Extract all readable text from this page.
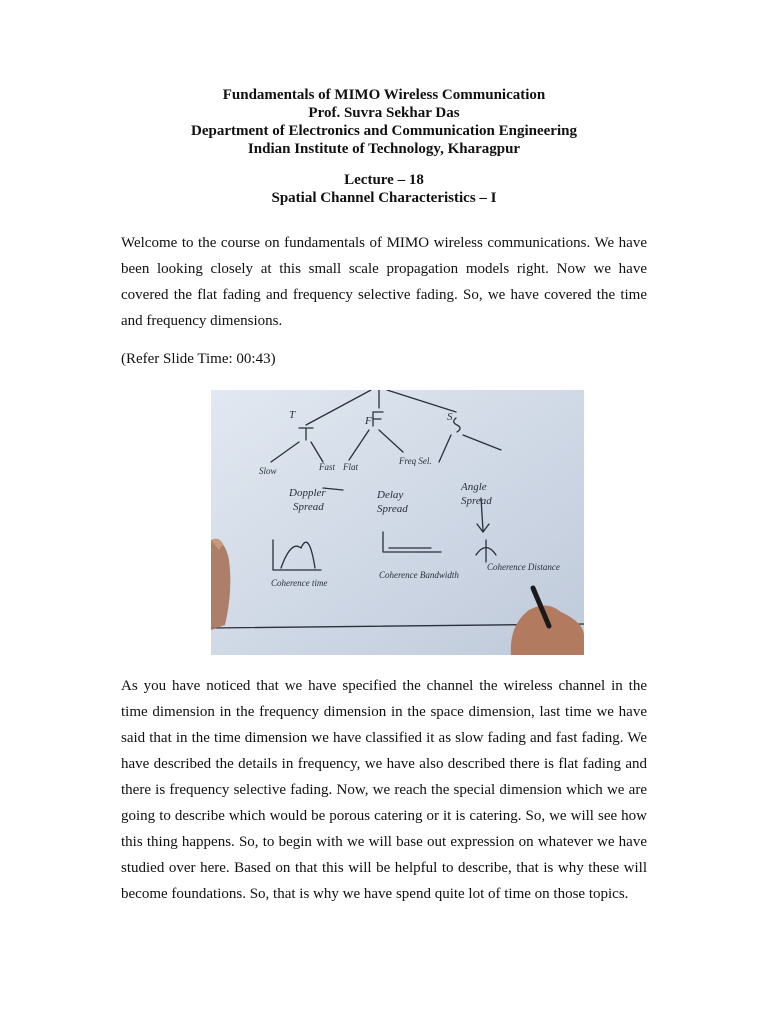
Fundamentals of MIMO Wireless Communication
Prof. Suvra Sekhar Das
Department of Electronics and Communication Engineering
Indian Institute of Technology, Kharagpur
Lecture – 18
Spatial Channel Characteristics – I
Welcome to the course on fundamentals of MIMO wireless communications. We have been looking closely at this small scale propagation models right. Now we have covered the flat fading and frequency selective fading. So, we have covered the time and frequency dimensions.
(Refer Slide Time: 00:43)
T	F	S
Slow	Fast Flat
Freq Sel.
Doppler
Spread
Delay
Spread
Angle
Spread
Coherence time
Coherence Bandwidth
Coherence Distance
As you have noticed that we have specified the channel the wireless channel in the time dimension in the frequency dimension in the space dimension, last time we have said that in the time dimension we have classified it as slow fading and fast fading. We have described the details in frequency, we have also described there is flat fading and there is frequency selective fading. Now, we reach the special dimension which we are going to describe which would be porous catering or it is catering. So, we will see how this thing happens. So, to begin with we will base out expression on whatever we have studied over here. Based on that this will be helpful to describe, that is why these will become foundations. So, that is why we have spend quite lot of time on those topics.
